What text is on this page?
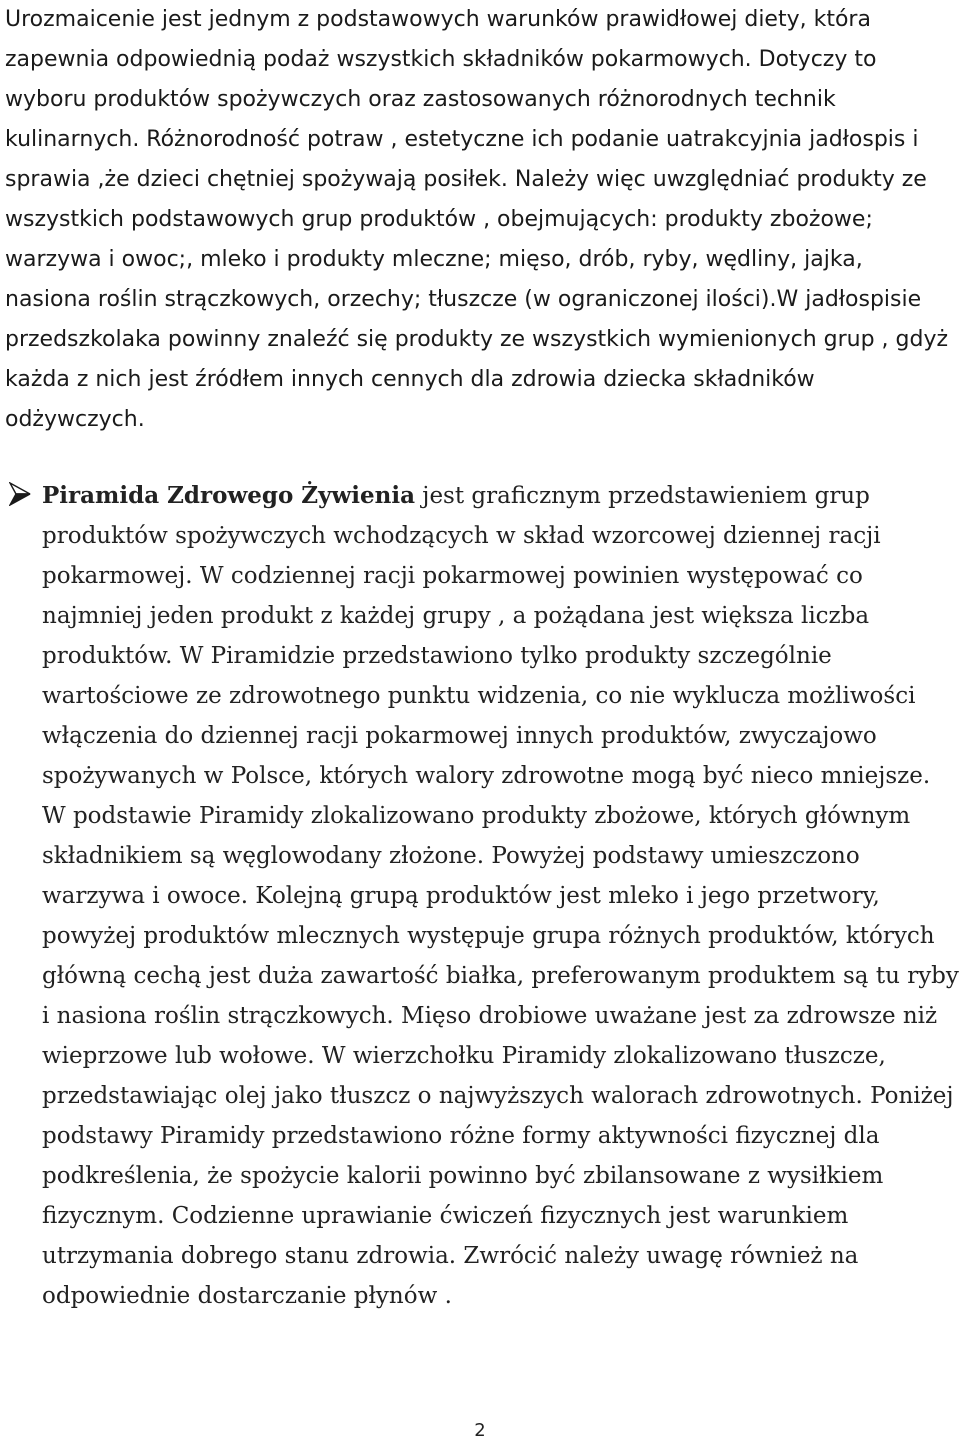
Urozmaicenie jest jednym z podstawowych warunków prawidłowej diety, która zapewnia odpowiednią podaż wszystkich składników pokarmowych. Dotyczy to wyboru produktów spożywczych oraz zastosowanych różnorodnych technik kulinarnych. Różnorodność potraw , estetyczne ich podanie uatrakcyjnia jadłospis i sprawia ,że dzieci chętniej spożywają posiłek. Należy więc uwzględniać produkty ze wszystkich podstawowych grup produktów , obejmujących: produkty zbożowe; warzywa i owoc;, mleko i produkty mleczne; mięso, drób, ryby, wędliny, jajka, nasiona roślin strączkowych, orzechy; tłuszcze (w ograniczonej ilości).W jadłospisie przedszkolaka powinny znaleźć się produkty ze wszystkich wymienionych grup , gdyż każda z nich jest źródłem innych cennych dla zdrowia dziecka składników odżywczych.

Piramida Zdrowego Żywienia jest graficznym przedstawieniem grup produktów spożywczych wchodzących w skład wzorcowej dziennej racji pokarmowej. W codziennej racji pokarmowej powinien występować co najmniej jeden produkt z każdej grupy , a pożądana jest większa liczba produktów. W Piramidzie przedstawiono tylko produkty szczególnie wartościowe ze zdrowotnego punktu widzenia, co nie wyklucza możliwości włączenia do dziennej racji pokarmowej innych produktów, zwyczajowo spożywanych w Polsce, których walory zdrowotne mogą być nieco mniejsze. W podstawie Piramidy zlokalizowano produkty zbożowe, których głównym składnikiem są węglowodany złożone. Powyżej podstawy umieszczono warzywa i owoce. Kolejną grupą produktów jest mleko i jego przetwory, powyżej produktów mlecznych występuje grupa różnych produktów, których główną cechą jest duża zawartość białka, preferowanym produktem są tu ryby i nasiona roślin strączkowych. Mięso drobiowe uważane jest za zdrowsze niż wieprzowe lub wołowe. W wierzchołku Piramidy zlokalizowano tłuszcze, przedstawiając olej jako tłuszcz o najwyższych walorach zdrowotnych. Poniżej podstawy Piramidy przedstawiono różne formy aktywności fizycznej dla podkreślenia, że spożycie kalorii powinno być zbilansowane z wysiłkiem fizycznym. Codzienne uprawianie ćwiczeń fizycznych jest warunkiem utrzymania dobrego stanu zdrowia. Zwrócić należy uwagę również na odpowiednie dostarczanie płynów .

2
